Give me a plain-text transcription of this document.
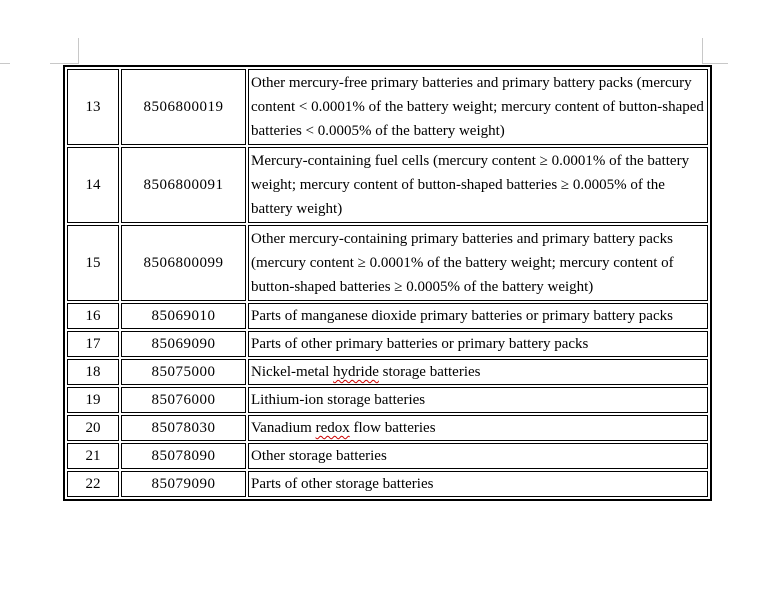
13	8506800019	Other mercury-free primary batteries and primary battery packs (mercury content < 0.0001% of the battery weight; mercury content of button-shaped batteries < 0.0005% of the battery weight)
14	8506800091	Mercury-containing fuel cells (mercury content ≥ 0.0001% of the battery weight; mercury content of button-shaped batteries ≥ 0.0005% of the battery weight)
15	8506800099	Other mercury-containing primary batteries and primary battery packs (mercury content ≥ 0.0001% of the battery weight; mercury content of button-shaped batteries ≥ 0.0005% of the battery weight)
16	85069010	Parts of manganese dioxide primary batteries or primary battery packs
17	85069090	Parts of other primary batteries or primary battery packs
18	85075000	Nickel-metal hydride storage batteries
19	85076000	Lithium-ion storage batteries
20	85078030	Vanadium redox flow batteries
21	85078090	Other storage batteries
22	85079090	Parts of other storage batteries
